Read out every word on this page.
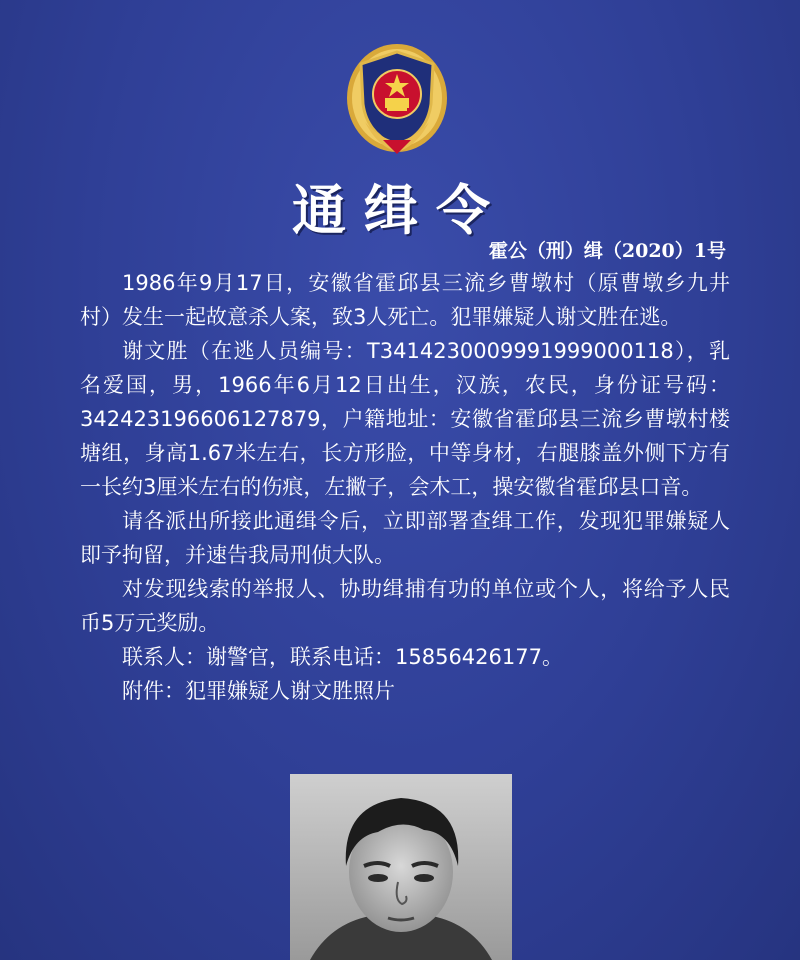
通缉令
霍公（刑）缉（2020）1号

1986年9月17日，安徽省霍邱县三流乡曹墩村（原曹墩乡九井村）发生一起故意杀人案，致3人死亡。犯罪嫌疑人谢文胜在逃。

谢文胜（在逃人员编号：T3414230009991999000118），乳名爱国，男，1966年6月12日出生，汉族，农民，身份证号码：342423196606127879，户籍地址：安徽省霍邱县三流乡曹墩村楼塘组，身高1.67米左右，长方形脸，中等身材，右腿膝盖外侧下方有一长约3厘米左右的伤痕，左撇子，会木工，操安徽省霍邱县口音。

请各派出所接此通缉令后，立即部署查缉工作，发现犯罪嫌疑人即予拘留，并速告我局刑侦大队。

对发现线索的举报人、协助缉捕有功的单位或个人，将给予人民币5万元奖励。

联系人：谢警官，联系电话：15856426177。

附件：犯罪嫌疑人谢文胜照片
